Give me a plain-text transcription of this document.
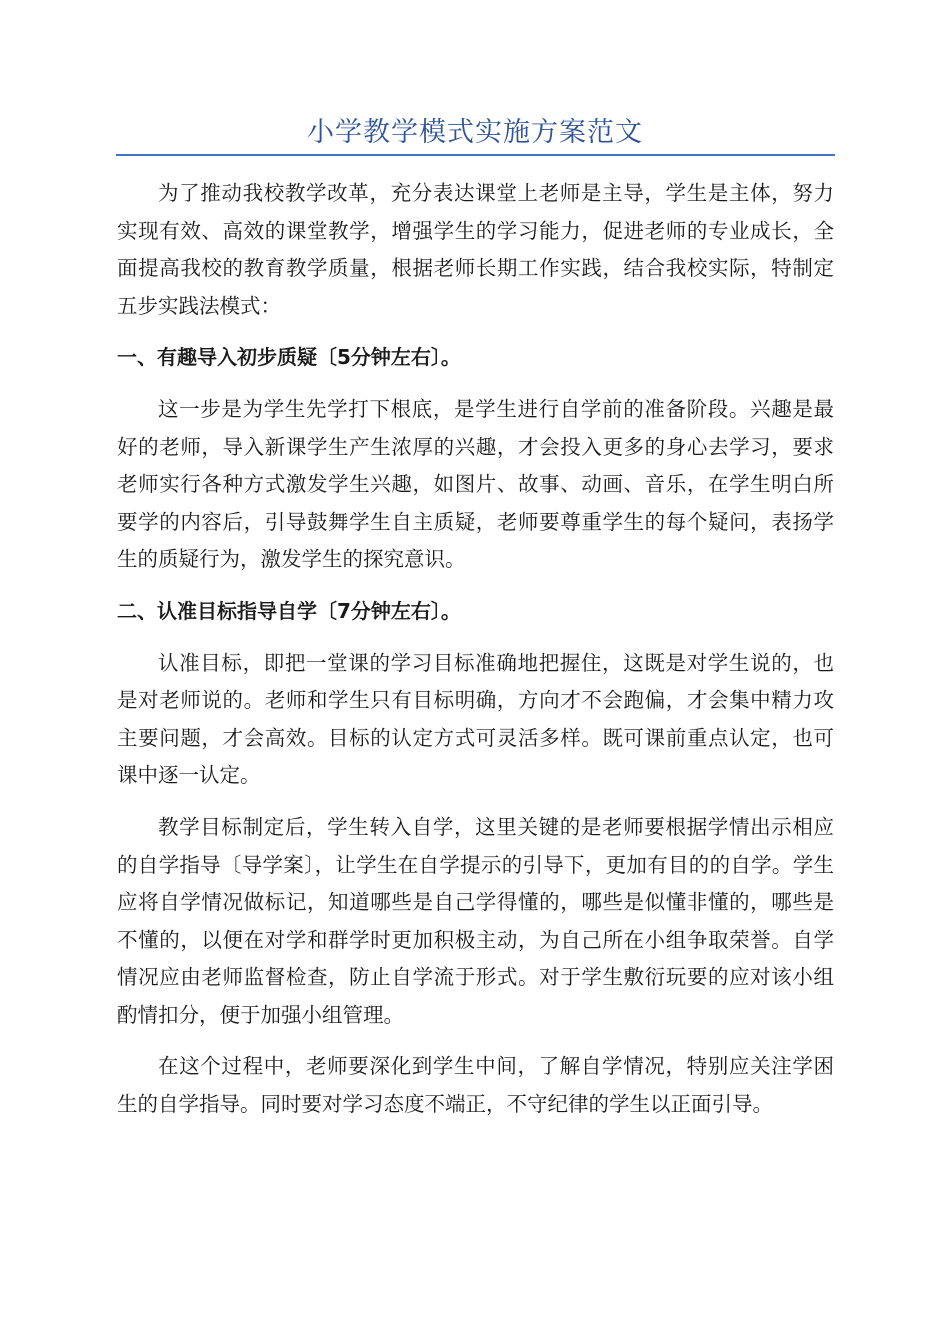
小学教学模式实施方案范文

为了推动我校教学改革，充分表达课堂上老师是主导，学生是主体，努力实现有效、高效的课堂教学，增强学生的学习能力，促进老师的专业成长，全面提高我校的教育教学质量，根据老师长期工作实践，结合我校实际，特制定五步实践法模式：

一、有趣导入初步质疑〔5分钟左右〕。

这一步是为学生先学打下根底，是学生进行自学前的准备阶段。兴趣是最好的老师，导入新课学生产生浓厚的兴趣，才会投入更多的身心去学习，要求老师实行各种方式激发学生兴趣，如图片、故事、动画、音乐，在学生明白所要学的内容后，引导鼓舞学生自主质疑，老师要尊重学生的每个疑问，表扬学生的质疑行为，激发学生的探究意识。

二、认准目标指导自学〔7分钟左右〕。

认准目标，即把一堂课的学习目标准确地把握住，这既是对学生说的，也是对老师说的。老师和学生只有目标明确，方向才不会跑偏，才会集中精力攻主要问题，才会高效。目标的认定方式可灵活多样。既可课前重点认定，也可课中逐一认定。

教学目标制定后，学生转入自学，这里关键的是老师要根据学情出示相应的自学指导〔导学案〕，让学生在自学提示的引导下，更加有目的的自学。学生应将自学情况做标记，知道哪些是自己学得懂的，哪些是似懂非懂的，哪些是不懂的，以便在对学和群学时更加积极主动，为自己所在小组争取荣誉。自学情况应由老师监督检查，防止自学流于形式。对于学生敷衍玩要的应对该小组酌情扣分，便于加强小组管理。

在这个过程中，老师要深化到学生中间，了解自学情况，特别应关注学困生的自学指导。同时要对学习态度不端正，不守纪律的学生以正面引导。
